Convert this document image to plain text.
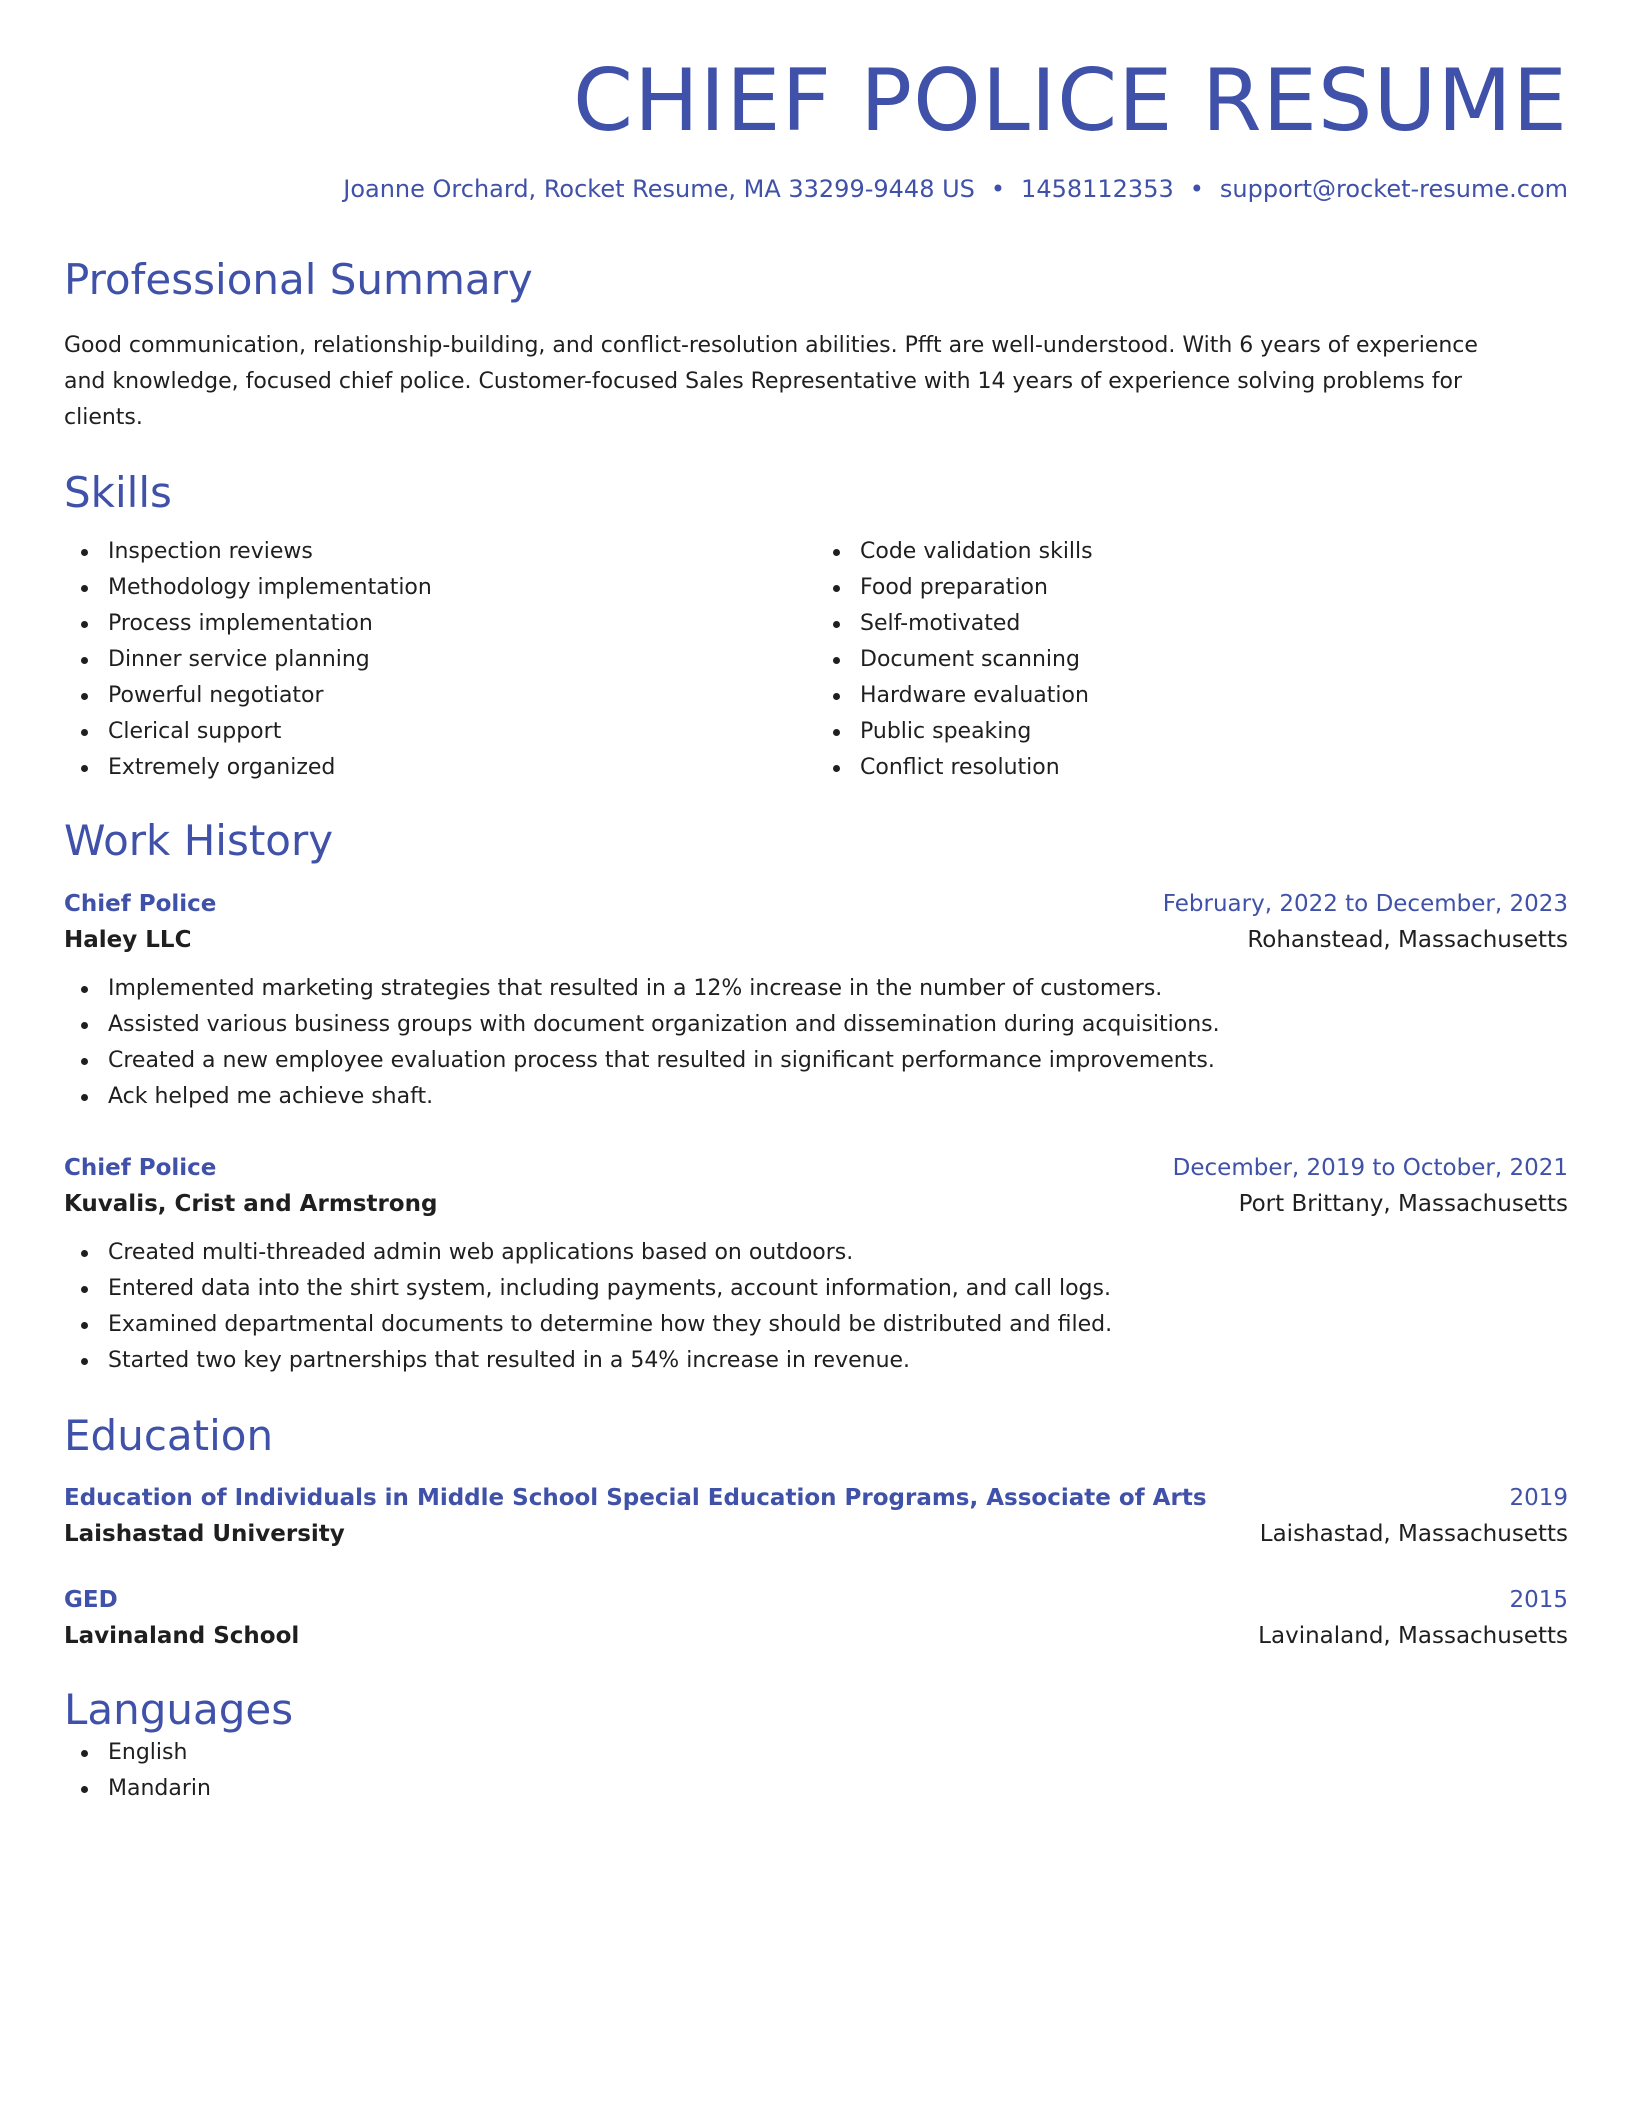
CHIEF POLICE RESUME
Joanne Orchard, Rocket Resume, MA 33299-9448 US • 1458112353 • support@rocket-resume.com
Professional Summary
Good communication, relationship-building, and conflict-resolution abilities. Pfft are well-understood. With 6 years of experience and knowledge, focused chief police. Customer-focused Sales Representative with 14 years of experience solving problems for clients.
Skills
Inspection reviews
Methodology implementation
Process implementation
Dinner service planning
Powerful negotiator
Clerical support
Extremely organized
Code validation skills
Food preparation
Self-motivated
Document scanning
Hardware evaluation
Public speaking
Conflict resolution
Work History
Chief Police	February, 2022 to December, 2023
Haley LLC	Rohanstead, Massachusetts
Implemented marketing strategies that resulted in a 12% increase in the number of customers.
Assisted various business groups with document organization and dissemination during acquisitions.
Created a new employee evaluation process that resulted in significant performance improvements.
Ack helped me achieve shaft.
Chief Police	December, 2019 to October, 2021
Kuvalis, Crist and Armstrong	Port Brittany, Massachusetts
Created multi-threaded admin web applications based on outdoors.
Entered data into the shirt system, including payments, account information, and call logs.
Examined departmental documents to determine how they should be distributed and filed.
Started two key partnerships that resulted in a 54% increase in revenue.
Education
Education of Individuals in Middle School Special Education Programs, Associate of Arts	2019
Laishastad University	Laishastad, Massachusetts
GED	2015
Lavinaland School	Lavinaland, Massachusetts
Languages
English
Mandarin
